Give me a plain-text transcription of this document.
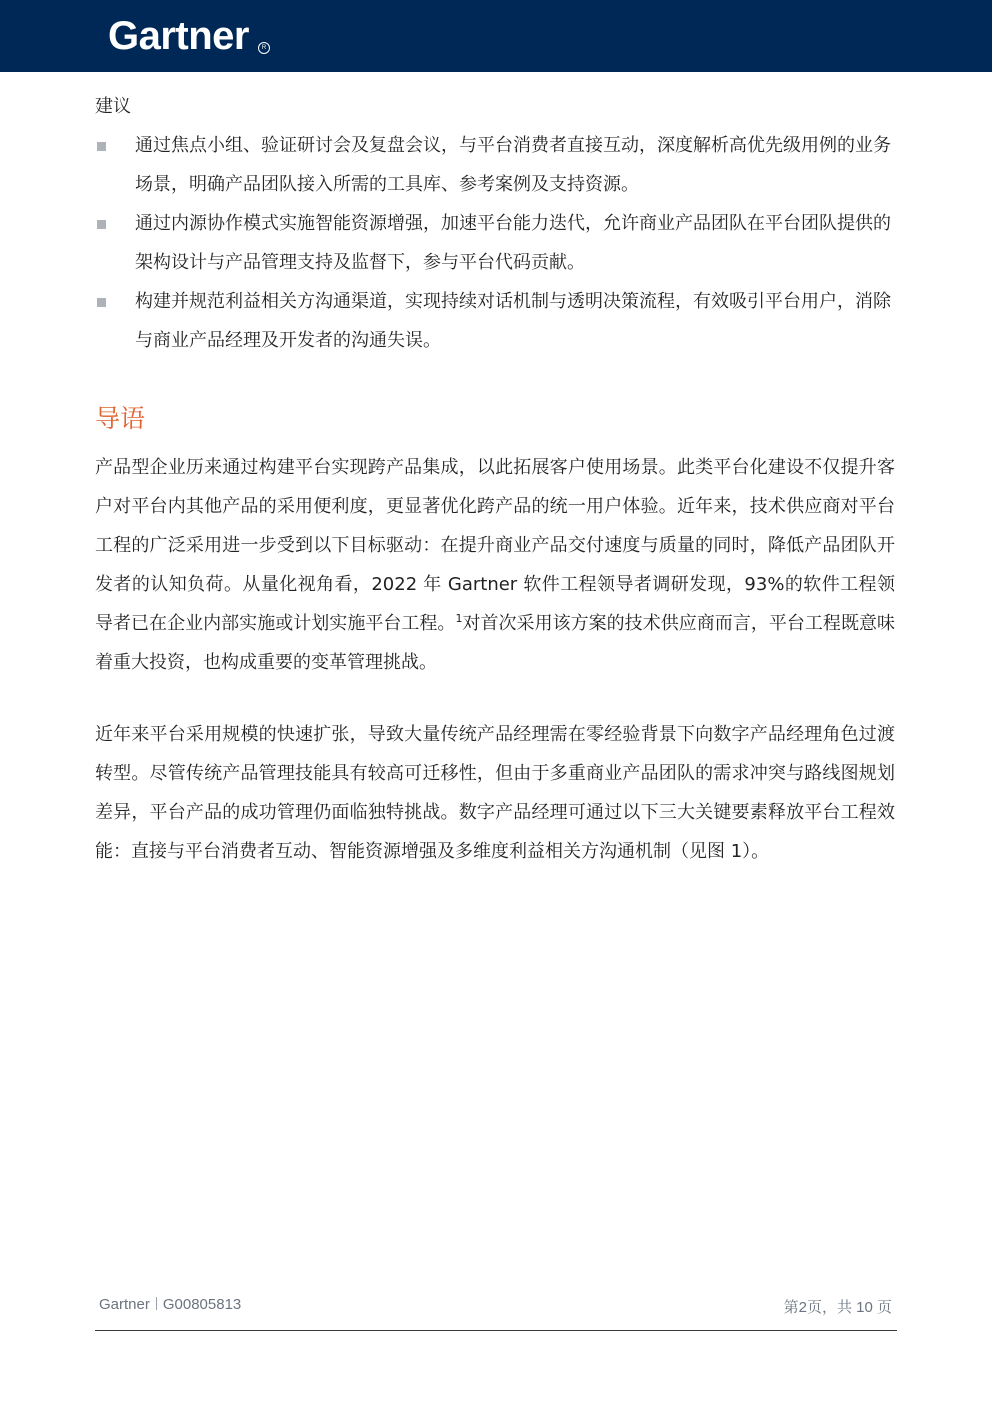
Gartner	R
建议
通过焦点小组、验证研讨会及复盘会议，与平台消费者直接互动，深度解析高优先级用例的业务场景，明确产品团队接入所需的工具库、参考案例及支持资源。
通过内源协作模式实施智能资源增强，加速平台能力迭代，允许商业产品团队在平台团队提供的架构设计与产品管理支持及监督下，参与平台代码贡献。
构建并规范利益相关方沟通渠道，实现持续对话机制与透明决策流程，有效吸引平台用户，消除与商业产品经理及开发者的沟通失误。
导语

产品型企业历来通过构建平台实现跨产品集成，以此拓展客户使用场景。此类平台化建设不仅提升客户对平台内其他产品的采用便利度，更显著优化跨产品的统一用户体验。近年来，技术供应商对平台工程的广泛采用进一步受到以下目标驱动：在提升商业产品交付速度与质量的同时，降低产品团队开发者的认知负荷。从量化视角看，2022 年 Gartner 软件工程领导者调研发现，93%的软件工程领导者已在企业内部实施或计划实施平台工程。$^1$对首次采用该方案的技术供应商而言，平台工程既意味着重大投资，也构成重要的变革管理挑战。

近年来平台采用规模的快速扩张，导致大量传统产品经理需在零经验背景下向数字产品经理角色过渡转型。尽管传统产品管理技能具有较高可迁移性，但由于多重商业产品团队的需求冲突与路线图规划差异，平台产品的成功管理仍面临独特挑战。数字产品经理可通过以下三大关键要素释放平台工程效能：直接与平台消费者互动、智能资源增强及多维度利益相关方沟通机制（见图 1）。

Gartner G00805813	第2页，共 10 页
